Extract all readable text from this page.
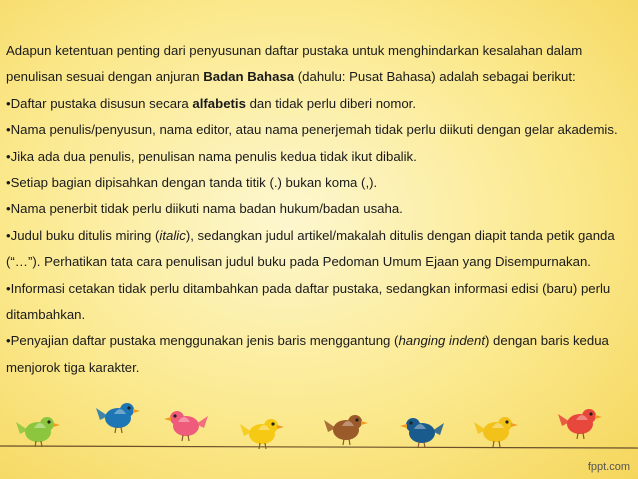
Adapun ketentuan penting dari penyusunan daftar pustaka untuk menghindarkan kesalahan dalam penulisan sesuai dengan anjuran Badan Bahasa (dahulu: Pusat Bahasa) adalah sebagai berikut:

•Daftar pustaka disusun secara alfabetis dan tidak perlu diberi nomor.

•Nama penulis/penyusun, nama editor, atau nama penerjemah tidak perlu diikuti dengan gelar akademis.

•Jika ada dua penulis, penulisan nama penulis kedua tidak ikut dibalik.

•Setiap bagian dipisahkan dengan tanda titik (.) bukan koma (,).

•Nama penerbit tidak perlu diikuti nama badan hukum/badan usaha.

•Judul buku ditulis miring (italic), sedangkan judul artikel/makalah ditulis dengan diapit tanda petik ganda (“…”). Perhatikan tata cara penulisan judul buku pada Pedoman Umum Ejaan yang Disempurnakan.

•Informasi cetakan tidak perlu ditambahkan pada daftar pustaka, sedangkan informasi edisi (baru) perlu ditambahkan.

•Penyajian daftar pustaka menggunakan jenis baris menggantung (hanging indent) dengan baris kedua menjorok tiga karakter.

fppt.com
